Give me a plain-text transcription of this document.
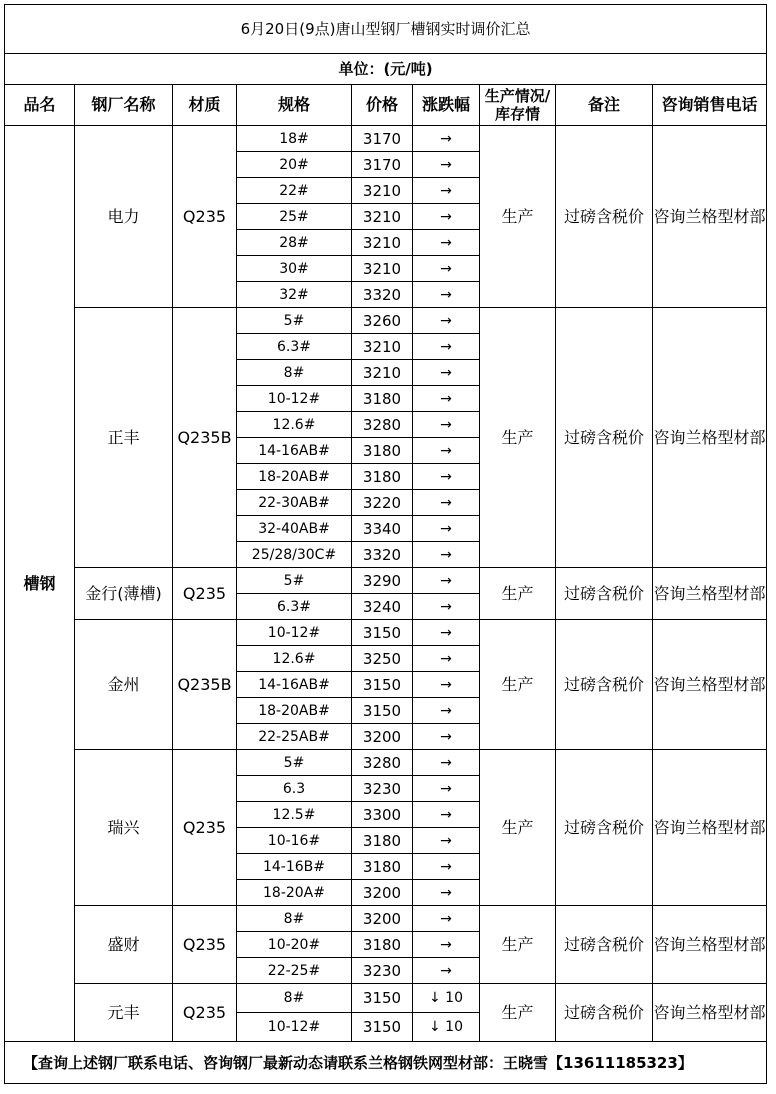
6月20日(9点)唐山型钢厂槽钢实时调价汇总								
单位：(元/吨)								
品名	钢厂名称	材质	规格	价格	涨跌幅	生产情况/库存情	备注	咨询销售电话
槽钢	电力	Q235	18#	3170	→	生产	过磅含税价	咨询兰格型材部
			20#	3170	→			
			22#	3210	→			
			25#	3210	→			
			28#	3210	→			
			30#	3210	→			
			32#	3320	→			
	正丰	Q235B	5#	3260	→	生产	过磅含税价	咨询兰格型材部
			6.3#	3210	→			
			8#	3210	→			
			10-12#	3180	→			
			12.6#	3280	→			
			14-16AB#	3180	→			
			18-20AB#	3180	→			
			22-30AB#	3220	→			
			32-40AB#	3340	→			
			25/28/30C#	3320	→			
	金行(薄槽)	Q235	5#	3290	→	生产	过磅含税价	咨询兰格型材部
			6.3#	3240	→			
	金州	Q235B	10-12#	3150	→	生产	过磅含税价	咨询兰格型材部
			12.6#	3250	→			
			14-16AB#	3150	→			
			18-20AB#	3150	→			
			22-25AB#	3200	→			
	瑞兴	Q235	5#	3280	→	生产	过磅含税价	咨询兰格型材部
			6.3	3230	→			
			12.5#	3300	→			
			10-16#	3180	→			
			14-16B#	3180	→			
			18-20A#	3200	→			
	盛财	Q235	8#	3200	→	生产	过磅含税价	咨询兰格型材部
			10-20#	3180	→			
			22-25#	3230	→			
	元丰	Q235	8#	3150	↓ 10	生产	过磅含税价	咨询兰格型材部
			10-12#	3150	↓ 10			
【查询上述钢厂联系电话、咨询钢厂最新动态请联系兰格钢铁网型材部：王晓雪【13611185323】								
